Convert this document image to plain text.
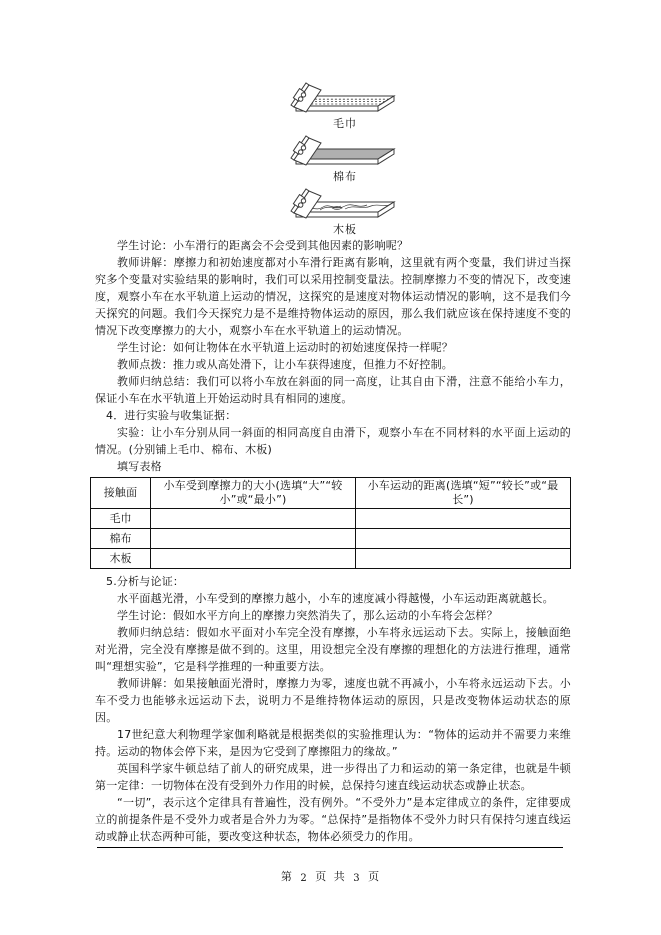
毛巾
棉布
木板

学生讨论：小车滑行的距离会不会受到其他因素的影响呢？

教师讲解：摩擦力和初始速度都对小车滑行距离有影响，这里就有两个变量，我们讲过当探究多个变量对实验结果的影响时，我们可以采用控制变量法。控制摩擦力不变的情况下，改变速度，观察小车在水平轨道上运动的情况，这探究的是速度对物体运动情况的影响，这不是我们今天探究的问题。我们今天探究力是不是维持物体运动的原因，那么我们就应该在保持速度不变的情况下改变摩擦力的大小，观察小车在水平轨道上的运动情况。

学生讨论：如何让物体在水平轨道上运动时的初始速度保持一样呢？

教师点拨：推力或从高处滑下，让小车获得速度，但推力不好控制。

教师归纳总结：我们可以将小车放在斜面的同一高度，让其自由下滑，注意不能给小车力，保证小车在水平轨道上开始运动时具有相同的速度。

4．进行实验与收集证据：

实验：让小车分别从同一斜面的相同高度自由滑下，观察小车在不同材料的水平面上运动的情况。(分别铺上毛巾、棉布、木板)

填写表格

接触面	小车受到摩擦力的大小(选填“大”“较小”或“最小”)	小车运动的距离(选填“短”“较长”或“最长”)
毛巾		
棉布		
木板		

5.分析与论证：

水平面越光滑，小车受到的摩擦力越小，小车的速度减小得越慢，小车运动距离就越长。

学生讨论：假如水平方向上的摩擦力突然消失了，那么运动的小车将会怎样？

教师归纳总结：假如水平面对小车完全没有摩擦，小车将永远运动下去。实际上，接触面绝对光滑，完全没有摩擦是做不到的。这里，用设想完全没有摩擦的理想化的方法进行推理，通常叫“理想实验”，它是科学推理的一种重要方法。

教师讲解：如果接触面光滑时，摩擦力为零，速度也就不再减小，小车将永远运动下去。小车不受力也能够永远运动下去，说明力不是维持物体运动的原因，只是改变物体运动状态的原因。

17世纪意大利物理学家伽利略就是根据类似的实验推理认为：“物体的运动并不需要力来维持。运动的物体会停下来，是因为它受到了摩擦阻力的缘故。”

英国科学家牛顿总结了前人的研究成果，进一步得出了力和运动的第一条定律，也就是牛顿第一定律：一切物体在没有受到外力作用的时候，总保持匀速直线运动状态或静止状态。

“一切”，表示这个定律具有普遍性，没有例外。“不受外力”是本定律成立的条件，定律要成立的前提条件是不受外力或者是合外力为零。“总保持”是指物体不受外力时只有保持匀速直线运动或静止状态两种可能，要改变这种状态，物体必须受力的作用。

第 2 页 共 3 页
